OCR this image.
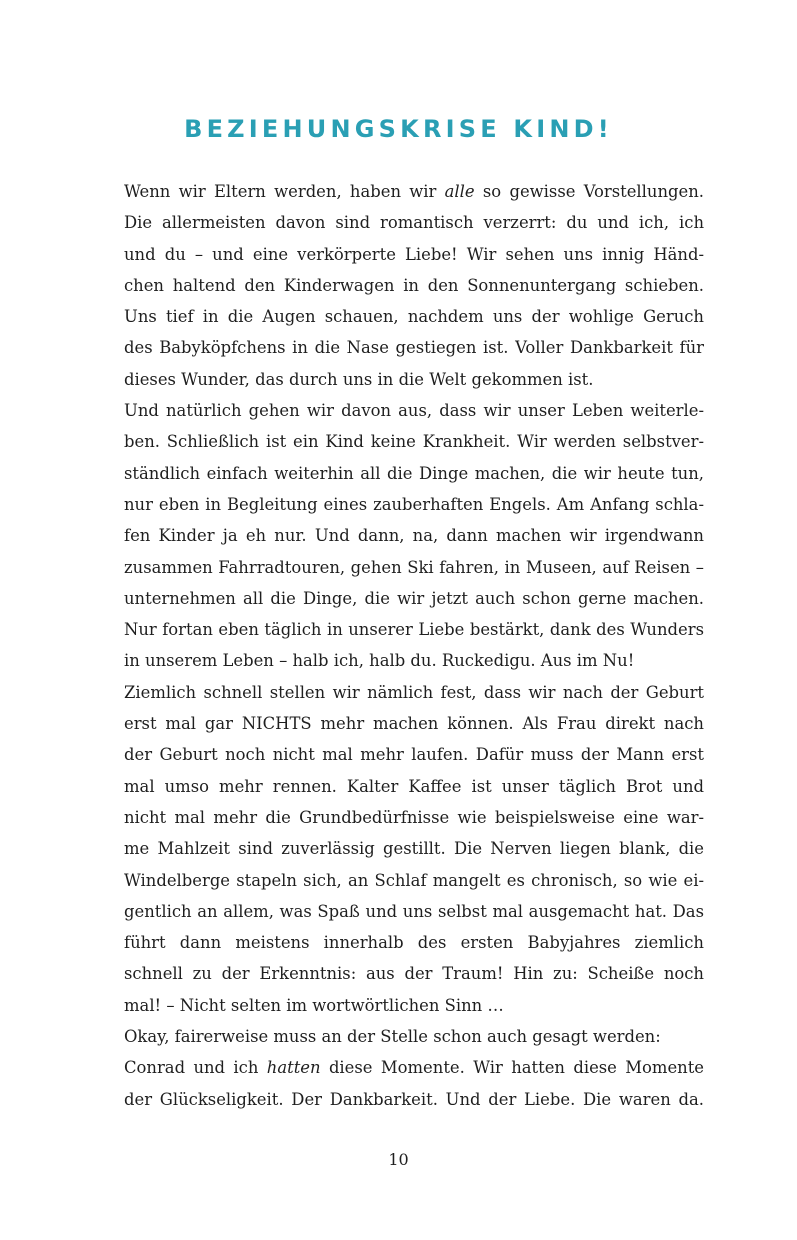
BEZIEHUNGSKRISE KIND!
Wenn wir Eltern werden, haben wir alle so gewisse Vorstellungen.
Die allermeisten davon sind romantisch verzerrt: du und ich, ich
und du – und eine verkörperte Liebe! Wir sehen uns innig Händ-
chen haltend den Kinderwagen in den Sonnenuntergang schieben.
Uns tief in die Augen schauen, nachdem uns der wohlige Geruch
des Babyköpfchens in die Nase gestiegen ist. Voller Dankbarkeit für
dieses Wunder, das durch uns in die Welt gekommen ist.
Und natürlich gehen wir davon aus, dass wir unser Leben weiterle-
ben. Schließlich ist ein Kind keine Krankheit. Wir werden selbstver-
ständlich einfach weiterhin all die Dinge machen, die wir heute tun,
nur eben in Begleitung eines zauberhaften Engels. Am Anfang schla-
fen Kinder ja eh nur. Und dann, na, dann machen wir irgendwann
zusammen Fahrradtouren, gehen Ski fahren, in Museen, auf Reisen –
unternehmen all die Dinge, die wir jetzt auch schon gerne machen.
Nur fortan eben täglich in unserer Liebe bestärkt, dank des Wunders
in unserem Leben – halb ich, halb du. Ruckedigu. Aus im Nu!
Ziemlich schnell stellen wir nämlich fest, dass wir nach der Geburt
erst mal gar NICHTS mehr machen können. Als Frau direkt nach
der Geburt noch nicht mal mehr laufen. Dafür muss der Mann erst
mal umso mehr rennen. Kalter Kaffee ist unser täglich Brot und
nicht mal mehr die Grundbedürfnisse wie beispielsweise eine war-
me Mahlzeit sind zuverlässig gestillt. Die Nerven liegen blank, die
Windelberge stapeln sich, an Schlaf mangelt es chronisch, so wie ei-
gentlich an allem, was Spaß und uns selbst mal ausgemacht hat. Das
führt dann meistens innerhalb des ersten Babyjahres ziemlich
schnell zu der Erkenntnis: aus der Traum! Hin zu: Scheiße noch
mal! – Nicht selten im wortwörtlichen Sinn …
Okay, fairerweise muss an der Stelle schon auch gesagt werden:
Conrad und ich hatten diese Momente. Wir hatten diese Momente
der Glückseligkeit. Der Dankbarkeit. Und der Liebe. Die waren da.
10
